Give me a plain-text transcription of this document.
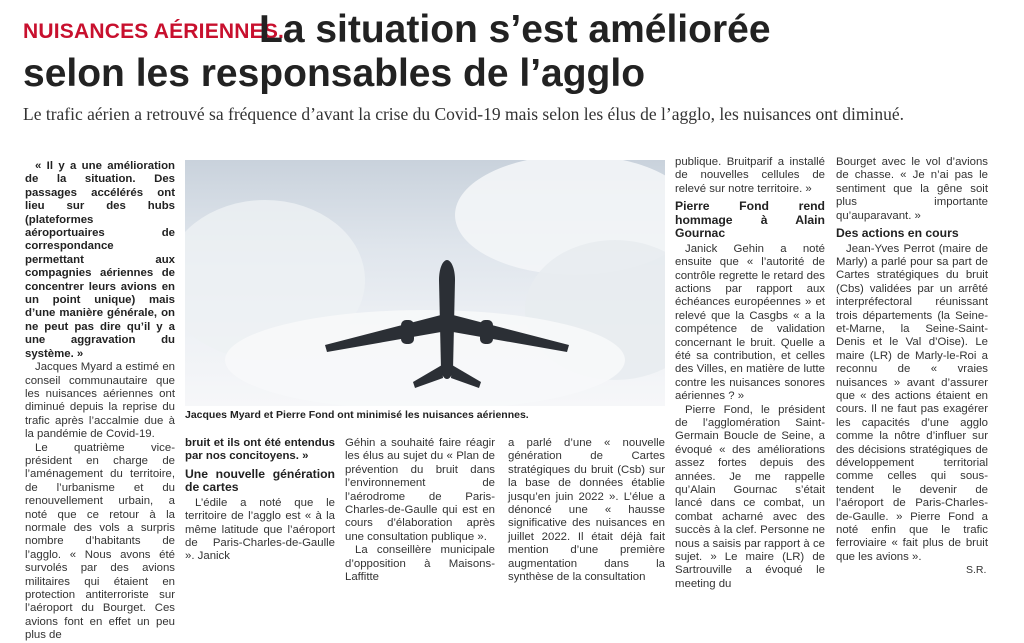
NUISANCES AÉRIENNES.
La situation s’est améliorée
selon les responsables de l’agglo
Le trafic aérien a retrouvé sa fréquence d’avant la crise du Covid-19 mais selon les élus de l’agglo, les nuisances ont diminué.

« Il y a une amélioration de la situation. Des passages accélérés ont lieu sur des hubs (plateformes aéroportuaires de correspondance permettant aux compagnies aériennes de concentrer leurs avions en un point unique) mais d’une manière générale, on ne peut pas dire qu’il y a une aggravation du système. »

Jacques Myard a estimé en conseil communautaire que les nuisances aériennes ont diminué depuis la reprise du trafic après l’accalmie due à la pandémie de Covid-19.

Le quatrième vice-président en charge de l’aménagement du territoire, de l’urbanisme et du renouvellement urbain, a noté que ce retour à la normale des vols a surpris nombre d’habitants de l’agglo. « Nous avons été survolés par des avions militaires qui étaient en protection antiterroriste sur l’aéroport du Bourget. Ces avions font en effet un peu plus de

Jacques Myard et Pierre Fond ont minimisé les nuisances aériennes.

bruit et ils ont été entendus par nos concitoyens. »

Une nouvelle génération de cartes

L’édile a noté que le territoire de l’agglo est « à la même latitude que l’aéroport de Paris-Charles-de-Gaulle ». Janick

Géhin a souhaité faire réagir les élus au sujet du « Plan de prévention du bruit dans l’environnement de l’aérodrome de Paris-Charles-de-Gaulle qui est en cours d’élaboration après une consultation publique ».

La conseillère municipale d’opposition à Maisons-Laffitte

a parlé d’une « nouvelle génération de Cartes stratégiques du bruit (Csb) sur la base de données établie jusqu’en juin 2022 ». L’élue a dénoncé une « hausse significative des nuisances en juillet 2022. Il était déjà fait mention d’une première augmentation dans la synthèse de la consultation

publique. Bruitparif a installé de nouvelles cellules de relevé sur notre territoire. »

Pierre Fond rend hommage à Alain Gournac

Janick Gehin a noté ensuite que « l’autorité de contrôle regrette le retard des actions par rapport aux échéances européennes » et relevé que la Casgbs « a la compétence de validation concernant le bruit. Quelle a été sa contribution, et celles des Villes, en matière de lutte contre les nuisances sonores aériennes ? »

Pierre Fond, le président de l’agglomération Saint-Germain Boucle de Seine, a évoqué « des améliorations assez fortes depuis des années. Je me rappelle qu’Alain Gournac s’était lancé dans ce combat, un combat acharné avec des succès à la clef. Personne ne nous a saisis par rapport à ce sujet. » Le maire (LR) de Sartrouville a évoqué le meeting du

Bourget avec le vol d’avions de chasse. « Je n’ai pas le sentiment que la gêne soit plus importante qu’auparavant. »

Des actions en cours

Jean-Yves Perrot (maire de Marly) a parlé pour sa part de Cartes stratégiques du bruit (Cbs) validées par un arrêté interpréfectoral réunissant trois départements (la Seine-et-Marne, la Seine-Saint-Denis et le Val d’Oise). Le maire (LR) de Marly-le-Roi a reconnu de « vraies nuisances » avant d’assurer que « des actions étaient en cours. Il ne faut pas exagérer les capacités d’une agglo comme la nôtre d’influer sur des décisions stratégiques de développement territorial comme celles qui sous-tendent le devenir de l’aéroport de Paris-Charles-de-Gaulle. » Pierre Fond a noté enfin que le trafic ferroviaire « fait plus de bruit que les avions ».

S.R.
